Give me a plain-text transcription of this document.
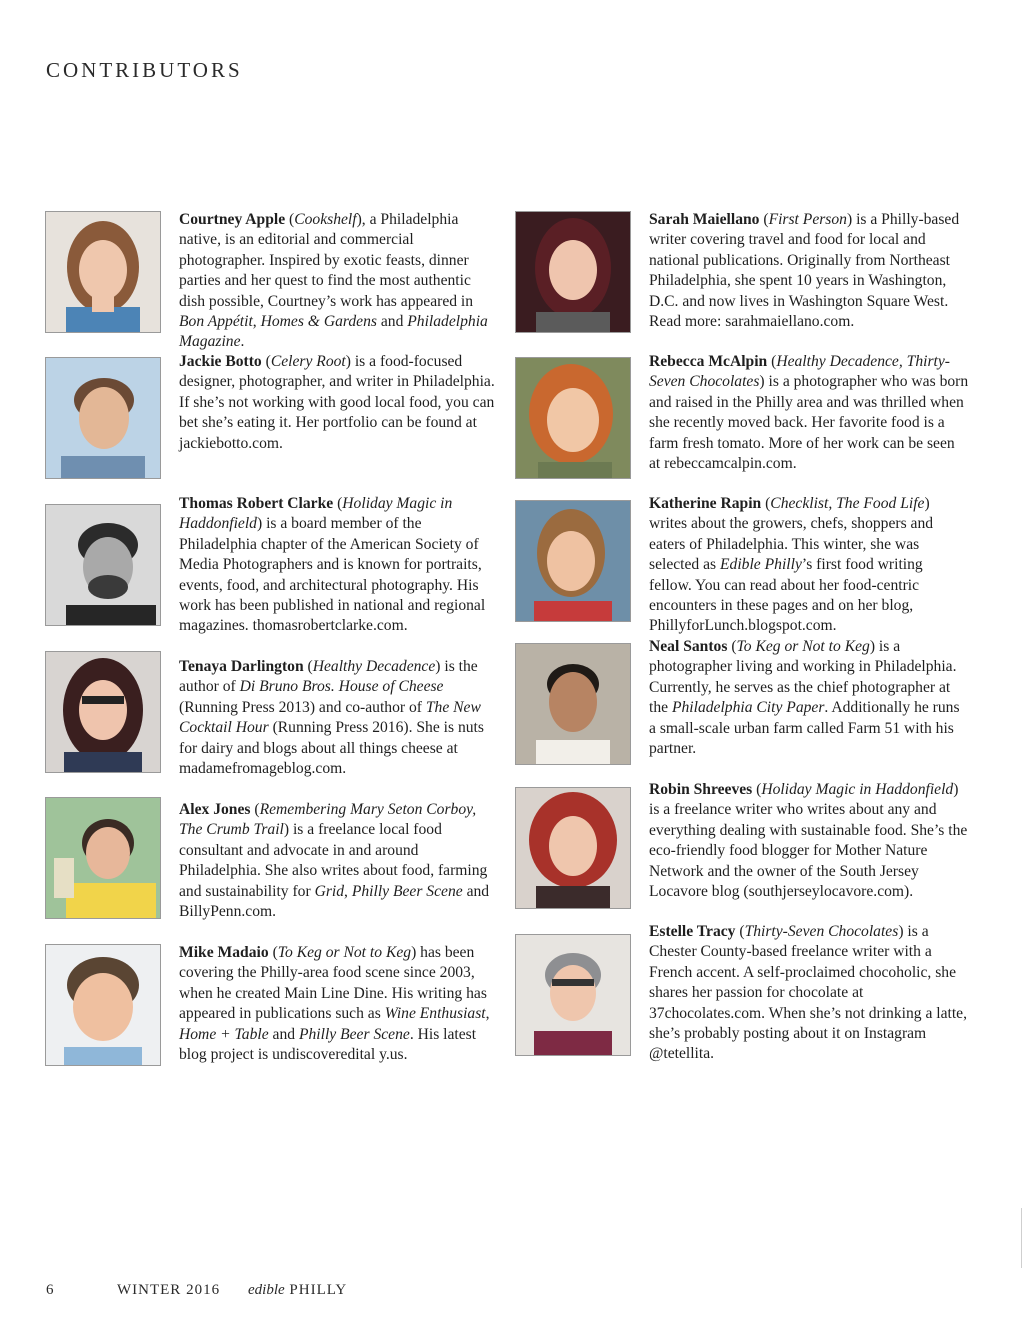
CONTRIBUTORS
Courtney Apple (Cookshelf), a Philadelphia native, is an editorial and commercial photographer. Inspired by exotic feasts, dinner parties and her quest to find the most authentic dish possible, Courtney’s work has appeared in Bon Appétit, Homes & Gardens and Philadelphia Magazine.
Jackie Botto (Celery Root) is a food-focused designer, photographer, and writer in Philadelphia. If she’s not working with good local food, you can bet she’s eating it. Her portfolio can be found at jackiebotto.com.
Thomas Robert Clarke (Holiday Magic in Haddonfield) is a board member of the Philadelphia chapter of the American Society of Media Photographers and is known for portraits, events, food, and architectural photography. His work has been published in national and regional magazines. thomasrobertclarke.com.
Tenaya Darlington (Healthy Decadence) is the author of Di Bruno Bros. House of Cheese (Running Press 2013) and co-author of The New Cocktail Hour (Running Press 2016). She is nuts for dairy and blogs about all things cheese at madamefromageblog.com.
Alex Jones (Remembering Mary Seton Corboy, The Crumb Trail) is a freelance local food consultant and advocate in and around Philadelphia. She also writes about food, farming and sustainability for Grid, Philly Beer Scene and BillyPenn.com.
Mike Madaio (To Keg or Not to Keg) has been covering the Philly-area food scene since 2003, when he created Main Line Dine. His writing has appeared in publications such as Wine Enthusiast, Home + Table and Philly Beer Scene. His latest blog project is undiscoveredital y.us.
Sarah Maiellano (First Person) is a Philly-based writer covering travel and food for local and national publications. Originally from Northeast Philadelphia, she spent 10 years in Washington, D.C. and now lives in Washington Square West. Read more: sarahmaiellano.com.
Rebecca McAlpin (Healthy Decadence, Thirty-Seven Chocolates) is a photographer who was born and raised in the Philly area and was thrilled when she recently moved back. Her favorite food is a farm fresh tomato. More of her work can be seen at rebeccamcalpin.com.
Katherine Rapin (Checklist, The Food Life) writes about the growers, chefs, shoppers and eaters of Philadelphia. This winter, she was selected as Edible Philly’s first food writing fellow. You can read about her food-centric encounters in these pages and on her blog, PhillyforLunch.blogspot.com.
Neal Santos (To Keg or Not to Keg) is a photographer living and working in Philadelphia. Currently, he serves as the chief photographer at the Philadelphia City Paper. Additionally he runs a small-scale urban farm called Farm 51 with his partner.
Robin Shreeves (Holiday Magic in Haddonfield) is a freelance writer who writes about any and everything dealing with sustainable food. She’s the eco-friendly food blogger for Mother Nature Network and the owner of the South Jersey Locavore blog (southjerseylocavore.com).
Estelle Tracy (Thirty-Seven Chocolates) is a Chester County-based freelance writer with a French accent. A self-proclaimed chocoholic, she shares her passion for chocolate at 37chocolates.com. When she’s not drinking a latte, she’s probably posting about it on Instagram @tetellita.
6	WINTER 2016 edible PHILLY
